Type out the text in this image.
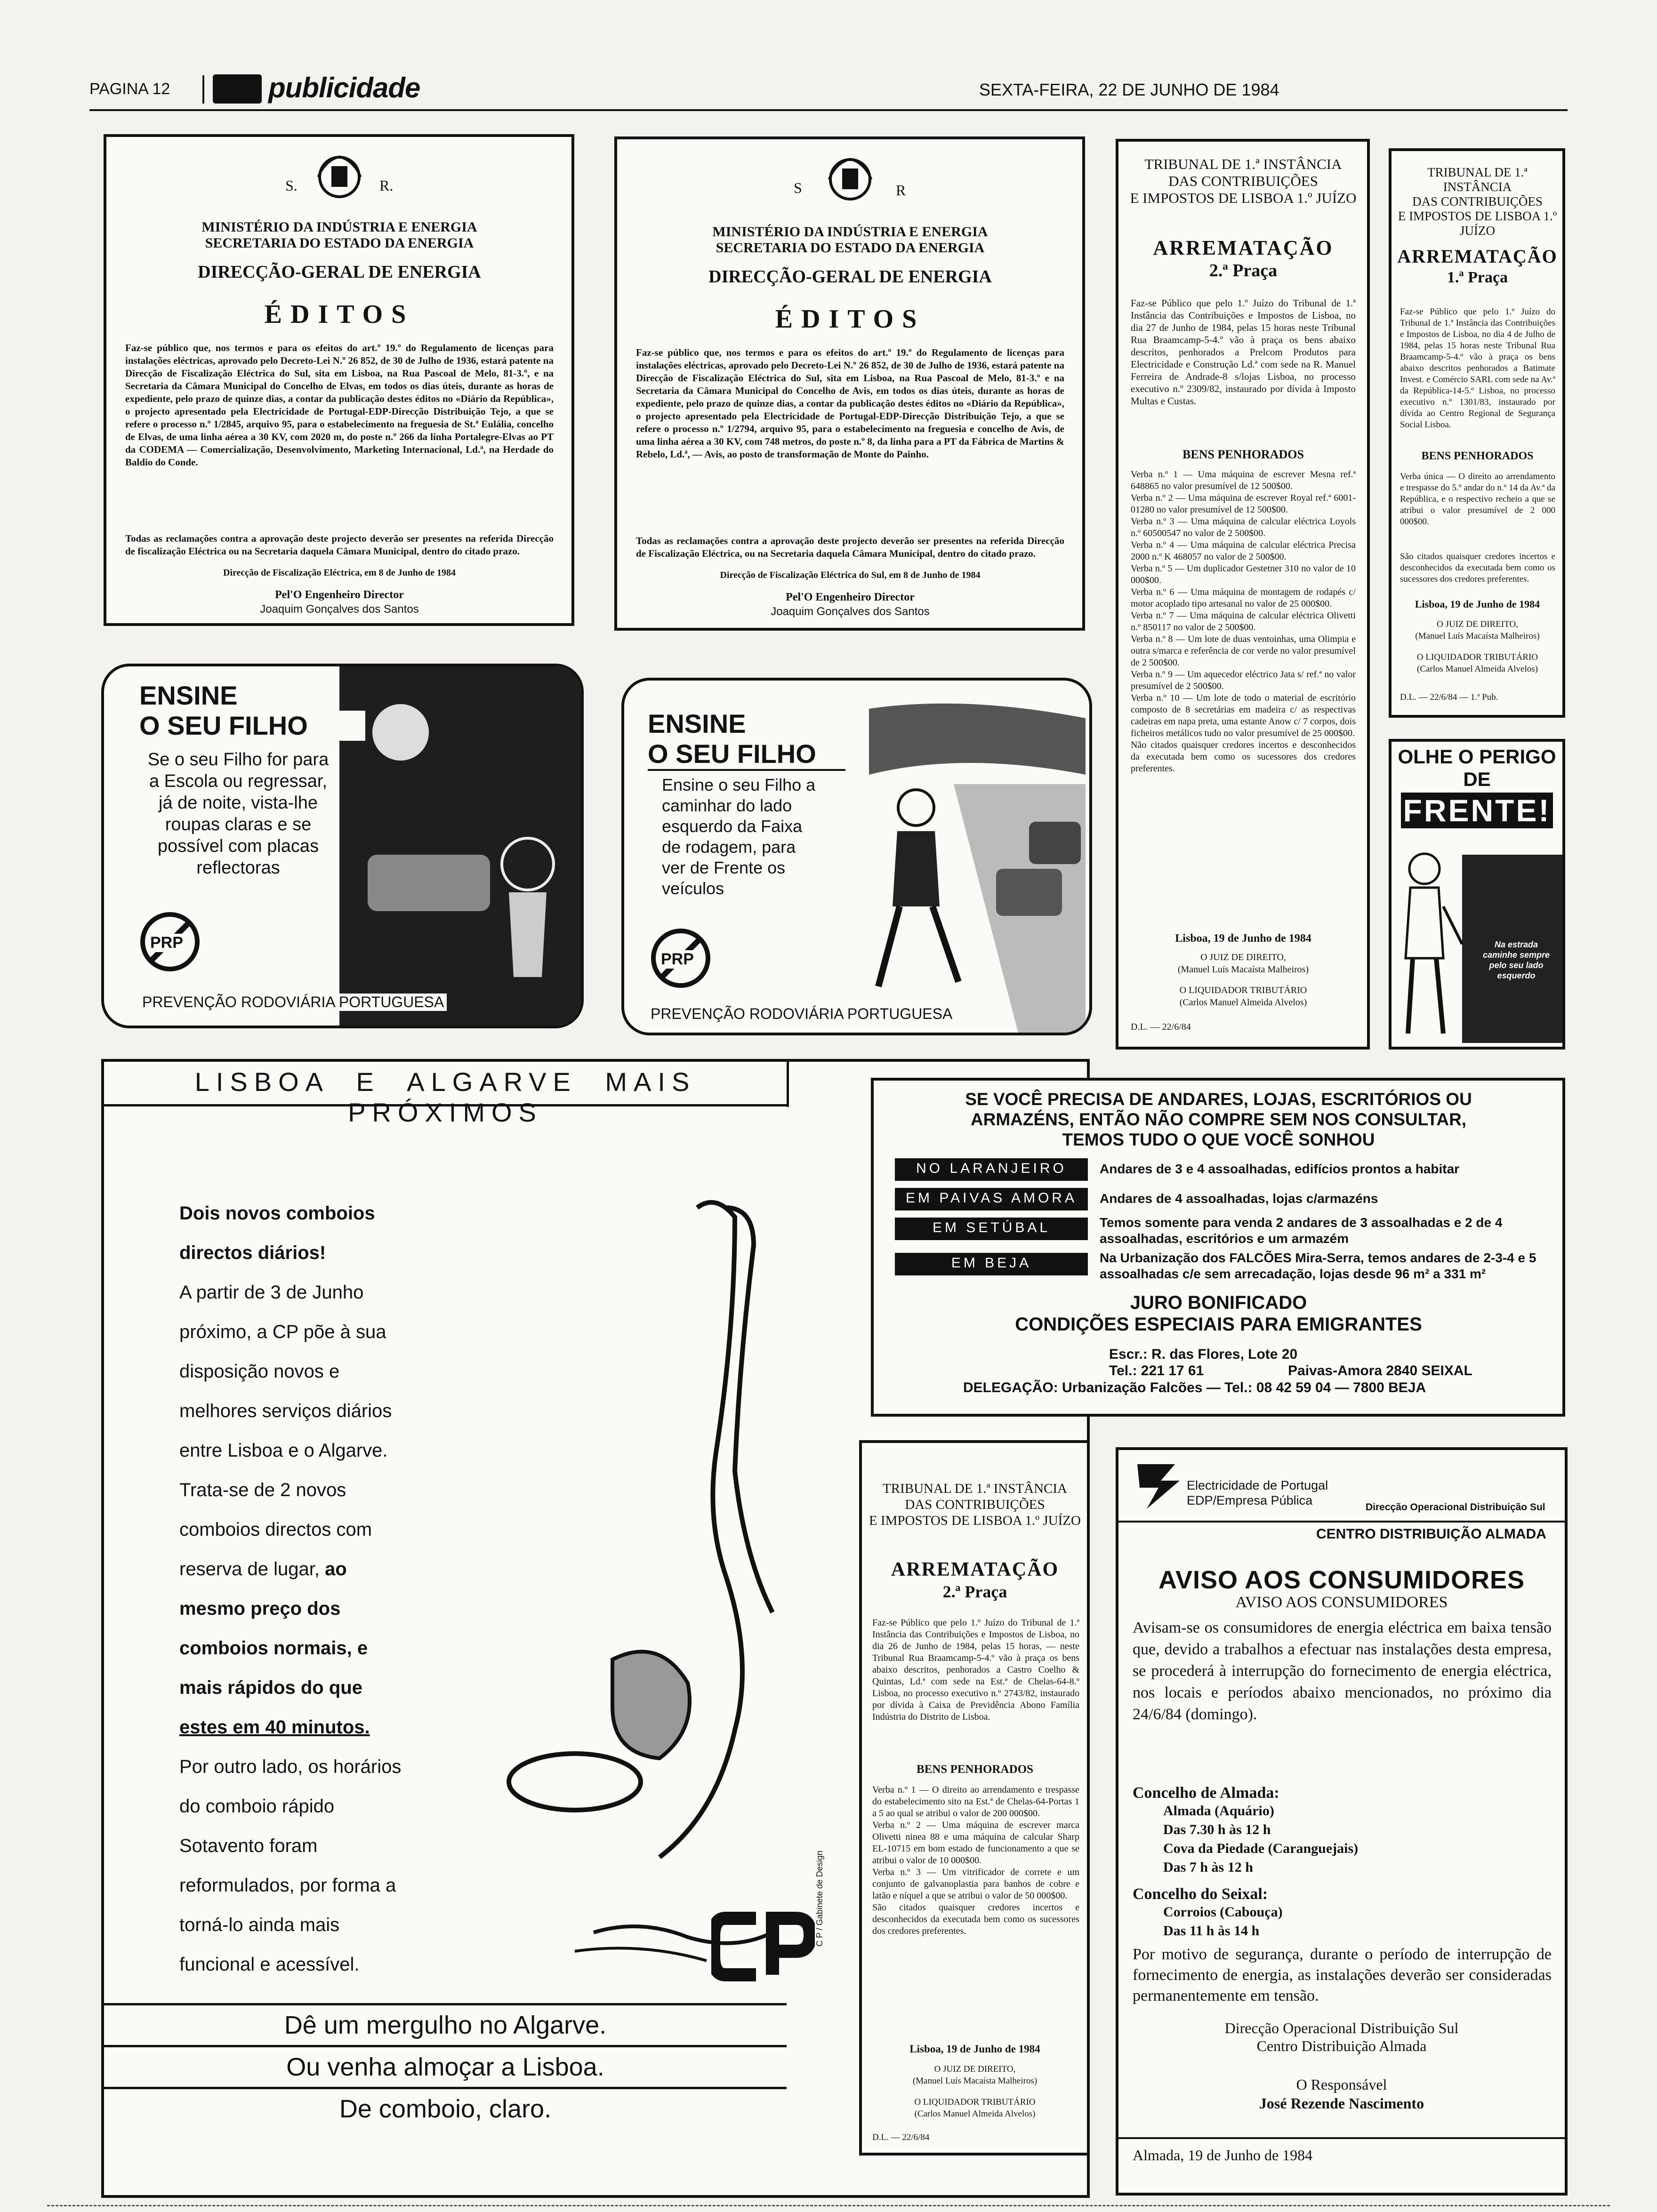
PAGINA 12	publicidade	SEXTA-FEIRA, 22 DE JUNHO DE 1984
S.	R.
MINISTÉRIO DA INDÚSTRIA E ENERGIA
SECRETARIA DO ESTADO DA ENERGIA
DIRECÇÃO-GERAL DE ENERGIA
ÉDITOS

Faz-se público que, nos termos e para os efeitos do art.º 19.º do Regulamento de licenças para instalações eléctricas, aprovado pelo Decreto-Lei N.º 26 852, de 30 de Julho de 1936, estará patente na Direcção de Fiscalização Eléctrica do Sul, sita em Lisboa, na Rua Pascoal de Melo, 81-3.º, e na Secretaria da Câmara Municipal do Concelho de Elvas, em todos os dias úteis, durante as horas de expediente, pelo prazo de quinze dias, a contar da publicação destes éditos no «Diário da República», o projecto apresentado pela Electricidade de Portugal-EDP-Direcção Distribuição Tejo, a que se refere o processo n.º 1/2845, arquivo 95, para o estabelecimento na freguesia de St.ª Eulália, concelho de Elvas, de uma linha aérea a 30 KV, com 2020 m, do poste n.º 266 da linha Portalegre-Elvas ao PT da CODEMA — Comercialização, Desenvolvimento, Marketing Internacional, Ld.ª, na Herdade do Baldio do Conde.

Todas as reclamações contra a aprovação deste projecto deverão ser presentes na referida Direcção de fiscalização Eléctrica ou na Secretaria daquela Câmara Municipal, dentro do citado prazo.

Direcção de Fiscalização Eléctrica, em 8 de Junho de 1984
Pel'O Engenheiro Director
Joaquim Gonçalves dos Santos
S	R
MINISTÉRIO DA INDÚSTRIA E ENERGIA
SECRETARIA DO ESTADO DA ENERGIA
DIRECÇÃO-GERAL DE ENERGIA
ÉDITOS

Faz-se público que, nos termos e para os efeitos do art.º 19.º do Regulamento de licenças para instalações eléctricas, aprovado pelo Decreto-Lei N.º 26 852, de 30 de Julho de 1936, estará patente na Direcção de Fiscalização Eléctrica do Sul, sita em Lisboa, na Rua Pascoal de Melo, 81-3.º e na Secretaria da Câmara Municipal do Concelho de Avis, em todos os dias úteis, durante as horas de expediente, pelo prazo de quinze dias, a contar da publicação destes éditos no «Diário da República», o projecto apresentado pela Electricidade de Portugal-EDP-Direcção Distribuição Tejo, a que se refere o processo n.º 1/2794, arquivo 95, para o estabelecimento na freguesia e concelho de Avis, de uma linha aérea a 30 KV, com 748 metros, do poste n.º 8, da linha para a PT da Fábrica de Martins & Rebelo, Ld.ª, — Avis, ao posto de transformação de Monte do Painho.

Todas as reclamações contra a aprovação deste projecto deverão ser presentes na referida Direcção de Fiscalização Eléctrica, ou na Secretaria daquela Câmara Municipal, dentro do citado prazo.

Direcção de Fiscalização Eléctrica do Sul, em 8 de Junho de 1984
Pel'O Engenheiro Director
Joaquim Gonçalves dos Santos
TRIBUNAL DE 1.ª INSTÂNCIA
DAS CONTRIBUIÇÕES
E IMPOSTOS DE LISBOA 1.º JUÍZO
ARREMATAÇÃO
2.ª Praça

Faz-se Público que pelo 1.º Juízo do Tribunal de 1.ª Instância das Contribuições e Impostos de Lisboa, no dia 27 de Junho de 1984, pelas 15 horas neste Tribunal Rua Braamcamp-5-4.º vão à praça os bens abaixo descritos, penhorados a Prelcom Produtos para Electricidade e Construção Ld.ª com sede na R. Manuel Ferreira de Andrade-8 s/lojas Lisboa, no processo executivo n.º 2309/82, instaurado por dívida à Imposto Multas e Custas.

BENS PENHORADOS

Verba n.º 1 — Uma máquina de escrever Mesna ref.ª 648865 no valor presumível de 12 500$00.

Verba n.º 2 — Uma máquina de escrever Royal ref.ª 6001-01280 no valor presumível de 12 500$00.

Verba n.º 3 — Uma máquina de calcular eléctrica Loyols n.º 60500547 no valor de 2 500$00.

Verba n.º 4 — Uma máquina de calcular eléctrica Precisa 2000 n.º K 468057 no valor de 2 500$00.

Verba n.º 5 — Um duplicador Gestetner 310 no valor de 10 000$00.

Verba n.º 6 — Uma máquina de montagem de rodapés c/ motor acoplado tipo artesanal no valor de 25 000$00.

Verba n.º 7 — Uma máquina de calcular eléctrica Olivetti n.º 850117 no valor de 2 500$00.

Verba n.º 8 — Um lote de duas ventoinhas, uma Olimpia e outra s/marca e referência de cor verde no valor presumível de 2 500$00.

Verba n.º 9 — Um aquecedor eléctrico Jata s/ ref.ª no valor presumível de 2 500$00.

Verba n.º 10 — Um lote de todo o material de escritório composto de 8 secretárias em madeira c/ as respectivas cadeiras em napa preta, uma estante Anow c/ 7 corpos, dois ficheiros metálicos tudo no valor presumível de 25 000$00.

Não citados quaisquer credores incertos e desconhecidos da executada bem como os sucessores dos credores preferentes.

Lisboa, 19 de Junho de 1984
O JUIZ DE DIREITO,
(Manuel Luís Macaísta Malheiros)
O LIQUIDADOR TRIBUTÁRIO
(Carlos Manuel Almeida Alvelos)
D.L. — 22/6/84
TRIBUNAL DE 1.ª INSTÂNCIA
DAS CONTRIBUIÇÕES
E IMPOSTOS DE LISBOA 1.º JUÍZO
ARREMATAÇÃO
1.ª Praça

Faz-se Público que pelo 1.º Juízo do Tribunal de 1.ª Instância das Contribuições e Impostos de Lisboa, no dia 4 de Julho de 1984, pelas 15 horas neste Tribunal Rua Braamcamp-5-4.º vão à praça os bens abaixo descritos penhorados a Batimate Invest. e Comércio SARL com sede na Av.ª da República-14-5.º Lisboa, no processo executivo n.º 1301/83, instaurado por dívida ao Centro Regional de Segurança Social Lisboa.

BENS PENHORADOS

Verba única — O direito ao arrendamento e trespasse do 5.º andar do n.º 14 da Av.ª da República, e o respectivo recheio a que se atribui o valor presumível de 2 000 000$00.

São citados quaisquer credores incertos e desconhecidos da executada bem como os sucessores dos credores preferentes.

Lisboa, 19 de Junho de 1984
O JUIZ DE DIREITO,
(Manuel Luís Macaísta Malheiros)
O LIQUIDADOR TRIBUTÁRIO
(Carlos Manuel Almeida Alvelos)
D.L. — 22/6/84 — 1.ª Pub.
OLHE O PERIGO
DE
FRENTE!
Na estrada caminhe sempre pelo seu lado esquerdo
ENSINE
O SEU FILHO

Se o seu Filho for para a Escola ou regressar, já de noite, vista-lhe roupas claras e se possível com placas reflectoras

PRP
PREVENÇÃO RODOVIÁRIA PORTUGUESA
ENSINE
O SEU FILHO

Ensine o seu Filho a caminhar do lado esquerdo da Faixa de rodagem, para ver de Frente os veículos

PRP
PREVENÇÃO RODOVIÁRIA PORTUGUESA
LISBOA E ALGARVE MAIS PRÓXIMOS
Dois novos comboios
directos diários!
A partir de 3 de Junho
próximo, a CP põe à sua
disposição novos e
melhores serviços diários
entre Lisboa e o Algarve.
Trata-se de 2 novos
comboios directos com
reserva de lugar, ao
mesmo preço dos
comboios normais, e
mais rápidos do que
estes em 40 minutos.
Por outro lado, os horários
do comboio rápido
Sotavento foram
reformulados, por forma a
torná-lo ainda mais
funcional e acessível.
C P / Gabinete de Design
Dê um mergulho no Algarve.
Ou venha almoçar a Lisboa.
De comboio, claro.
SE VOCÊ PRECISA DE ANDARES, LOJAS, ESCRITÓRIOS OU
ARMAZÉNS, ENTÃO NÃO COMPRE SEM NOS CONSULTAR,
TEMOS TUDO O QUE VOCÊ SONHOU
NO LARANJEIRO	Andares de 3 e 4 assoalhadas, edifícios prontos a habitar
EM PAIVAS AMORA	Andares de 4 assoalhadas, lojas c/armazéns
EM SETÚBAL	Temos somente para venda 2 andares de 3 assoalhadas e 2 de 4 assoalhadas, escritórios e um armazém
EM BEJA	Na Urbanização dos FALCÕES Mira-Serra, temos andares de 2-3-4 e 5 assoalhadas c/e sem arrecadação, lojas desde 96 m² a 331 m²
JURO BONIFICADO
CONDIÇÕES ESPECIAIS PARA EMIGRANTES
Escr.: R. das Flores, Lote 20
Tel.: 221 17 61	Paivas-Amora 2840 SEIXAL
DELEGAÇÃO: Urbanização Falcões — Tel.: 08 42 59 04 — 7800 BEJA
TRIBUNAL DE 1.ª INSTÂNCIA
DAS CONTRIBUIÇÕES
E IMPOSTOS DE LISBOA 1.º JUÍZO
ARREMATAÇÃO
2.ª Praça

Faz-se Público que pelo 1.º Juízo do Tribunal de 1.ª Instância das Contribuições e Impostos de Lisboa, no dia 26 de Junho de 1984, pelas 15 horas, — neste Tribunal Rua Braamcamp-5-4.º vão à praça os bens abaixo descritos, penhorados a Castro Coelho & Quintas, Ld.ª com sede na Est.ª de Chelas-64-8.º Lisboa, no processo executivo n.º 2743/82, instaurado por dívida à Caixa de Previdência Abono Família Indústria do Distrito de Lisboa.

BENS PENHORADOS

Verba n.º 1 — O direito ao arrendamento e trespasse do estabelecimento sito na Est.ª de Chelas-64-Portas 1 a 5 ao qual se atribui o valor de 200 000$00.

Verba n.º 2 — Uma máquina de escrever marca Olivetti ninea 88 e uma máquina de calcular Sharp EL-10715 em bom estado de funcionamento a que se atribui o valor de 10 000$00.

Verba n.º 3 — Um vitrificador de correte e um conjunto de galvanoplastia para banhos de cobre e latão e níquel a que se atribui o valor de 50 000$00.

São citados quaisquer credores incertos e desconhecidos da executada bem como os sucessores dos credores preferentes.

Lisboa, 19 de Junho de 1984
O JUIZ DE DIREITO,
(Manuel Luís Macaísta Malheiros)
O LIQUIDADOR TRIBUTÁRIO
(Carlos Manuel Almeida Alvelos)
D.L. — 22/6/84
Electricidade de Portugal
EDP/Empresa Pública	Direcção Operacional Distribuição Sul
CENTRO DISTRIBUIÇÃO ALMADA
AVISO AOS CONSUMIDORES
AVISO AOS CONSUMIDORES

Avisam-se os consumidores de energia eléctrica em baixa tensão que, devido a trabalhos a efectuar nas instalações desta empresa, se procederá à interrupção do fornecimento de energia eléctrica, nos locais e períodos abaixo mencionados, no próximo dia 24/6/84 (domingo).

Concelho de Almada:
Almada (Aquário)
Das 7.30 h às 12 h
Cova da Piedade (Caranguejais)
Das 7 h às 12 h
Concelho do Seixal:
Corroios (Cabouça)
Das 11 h às 14 h

Por motivo de segurança, durante o período de interrupção de fornecimento de energia, as instalações deverão ser consideradas permanentemente em tensão.

Direcção Operacional Distribuição Sul
Centro Distribuição Almada
O Responsável
José Rezende Nascimento
Almada, 19 de Junho de 1984
